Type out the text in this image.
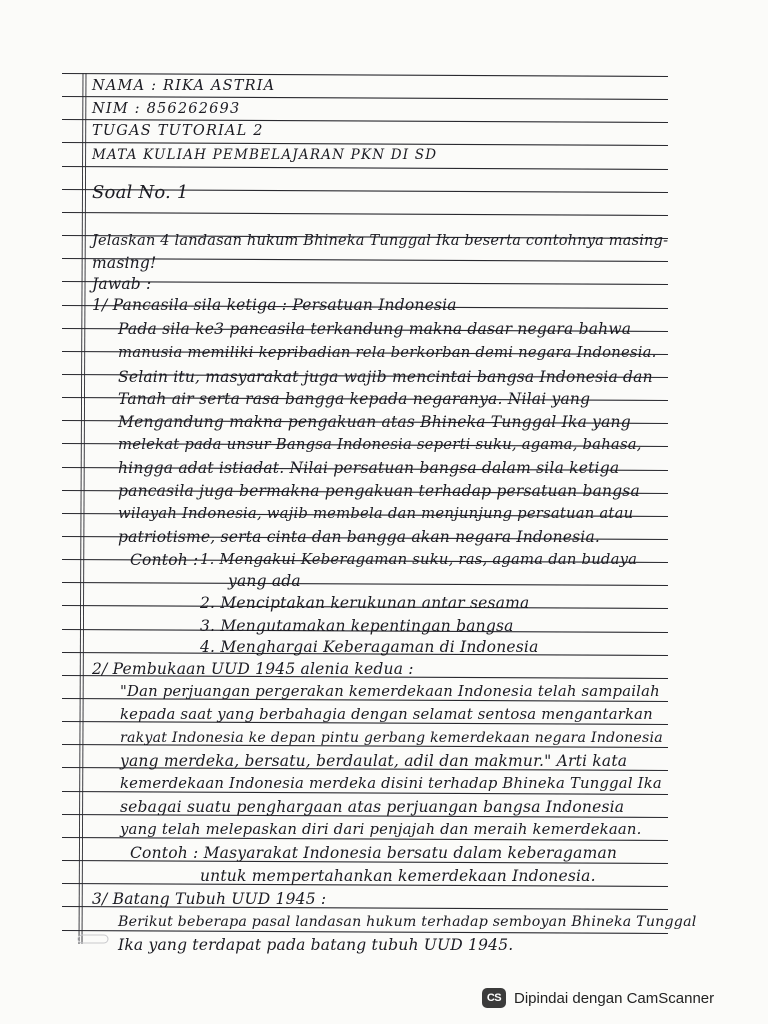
NAMA : RIKA ASTRIA
NIM : 856262693
TUGAS TUTORIAL 2
MATA KULIAH PEMBELAJARAN PKN DI SD
Soal No. 1
Jelaskan 4 landasan hukum Bhineka Tunggal Ika beserta contohnya masing-
masing!
Jawab :
1/ Pancasila sila ketiga : Persatuan Indonesia
Pada sila ke3 pancasila terkandung makna dasar negara bahwa
manusia memiliki kepribadian rela berkorban demi negara Indonesia.
Selain itu, masyarakat juga wajib mencintai bangsa Indonesia dan
Tanah air serta rasa bangga kepada negaranya. Nilai yang
Mengandung makna pengakuan atas Bhineka Tunggal Ika yang
melekat pada unsur Bangsa Indonesia seperti suku, agama, bahasa,
hingga adat istiadat. Nilai persatuan bangsa dalam sila ketiga
pancasila juga bermakna pengakuan terhadap persatuan bangsa
wilayah Indonesia, wajib membela dan menjunjung persatuan atau
patriotisme, serta cinta dan bangga akan negara Indonesia.
Contoh : 1. Mengakui Keberagaman suku, ras, agama dan budaya
yang ada
2. Menciptakan kerukunan antar sesama
3. Mengutamakan kepentingan bangsa
4. Menghargai Keberagaman di Indonesia
2/ Pembukaan UUD 1945 alenia kedua :
"Dan perjuangan pergerakan kemerdekaan Indonesia telah sampailah
kepada saat yang berbahagia dengan selamat sentosa mengantarkan
rakyat Indonesia ke depan pintu gerbang kemerdekaan negara Indonesia
yang merdeka, bersatu, berdaulat, adil dan makmur." Arti kata
kemerdekaan Indonesia merdeka disini terhadap Bhineka Tunggal Ika
sebagai suatu penghargaan atas perjuangan bangsa Indonesia
yang telah melepaskan diri dari penjajah dan meraih kemerdekaan.
Contoh : Masyarakat Indonesia bersatu dalam keberagaman
untuk mempertahankan kemerdekaan Indonesia.
3/ Batang Tubuh UUD 1945 :
Berikut beberapa pasal landasan hukum terhadap semboyan Bhineka Tunggal
Ika yang terdapat pada batang tubuh UUD 1945.
CS Dipindai dengan CamScanner
